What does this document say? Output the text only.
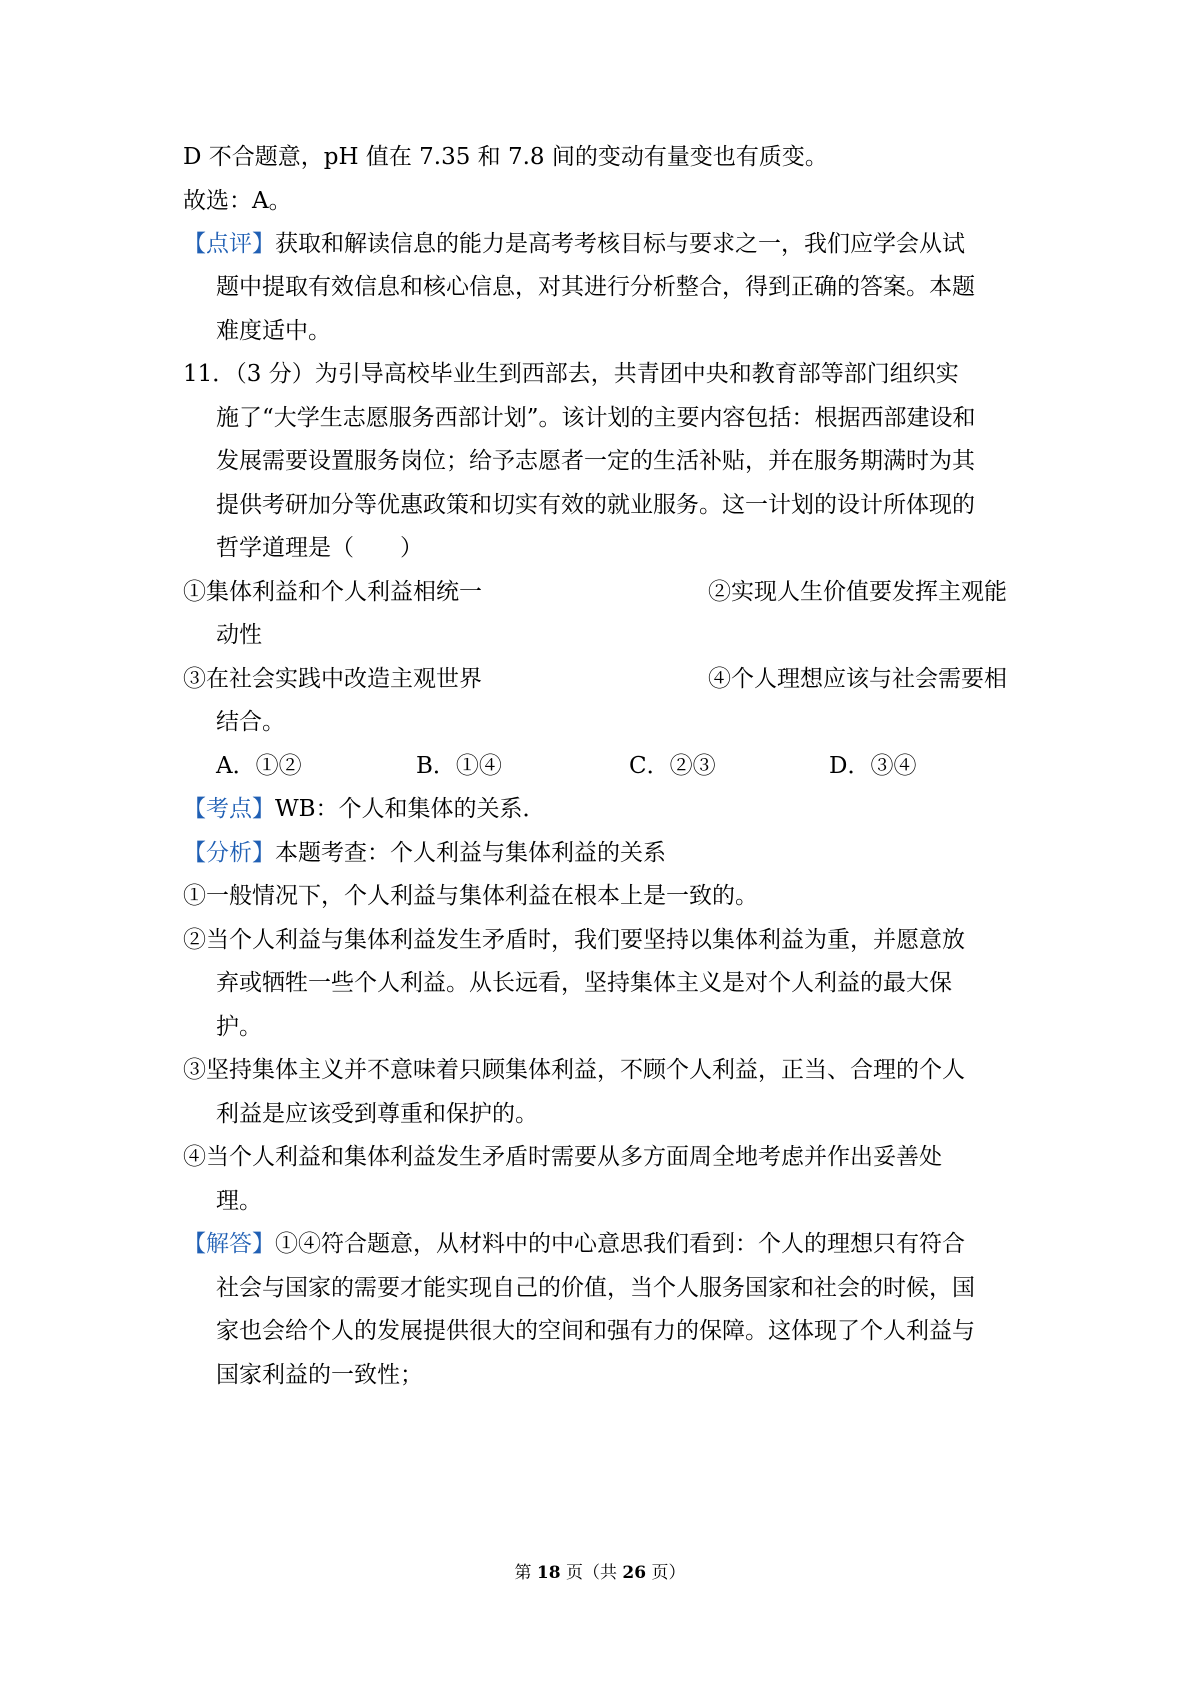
D 不合题意，pH 值在 7.35 和 7.8 间的变动有量变也有质变。
故选：A。
【点评】获取和解读信息的能力是高考考核目标与要求之一，我们应学会从试
题中提取有效信息和核心信息，对其进行分析整合，得到正确的答案。本题
难度适中。
11．（3 分）为引导高校毕业生到西部去，共青团中央和教育部等部门组织实
施了“大学生志愿服务西部计划”。该计划的主要内容包括：根据西部建设和
发展需要设置服务岗位；给予志愿者一定的生活补贴，并在服务期满时为其
提供考研加分等优惠政策和切实有效的就业服务。这一计划的设计所体现的
哲学道理是（　　）
①集体利益和个人利益相统一	②实现人生价值要发挥主观能
动性
③在社会实践中改造主观世界	④个人理想应该与社会需要相
结合。
A．①②	B．①④	C．②③	D．③④
【考点】WB：个人和集体的关系．
【分析】本题考查：个人利益与集体利益的关系
①一般情况下，个人利益与集体利益在根本上是一致的。
②当个人利益与集体利益发生矛盾时，我们要坚持以集体利益为重，并愿意放
弃或牺牲一些个人利益。从长远看，坚持集体主义是对个人利益的最大保
护。
③坚持集体主义并不意味着只顾集体利益，不顾个人利益，正当、合理的个人
利益是应该受到尊重和保护的。
④当个人利益和集体利益发生矛盾时需要从多方面周全地考虑并作出妥善处
理。
【解答】①④符合题意，从材料中的中心意思我们看到：个人的理想只有符合
社会与国家的需要才能实现自己的价值，当个人服务国家和社会的时候，国
家也会给个人的发展提供很大的空间和强有力的保障。这体现了个人利益与
国家利益的一致性；
第 18 页（共 26 页）
